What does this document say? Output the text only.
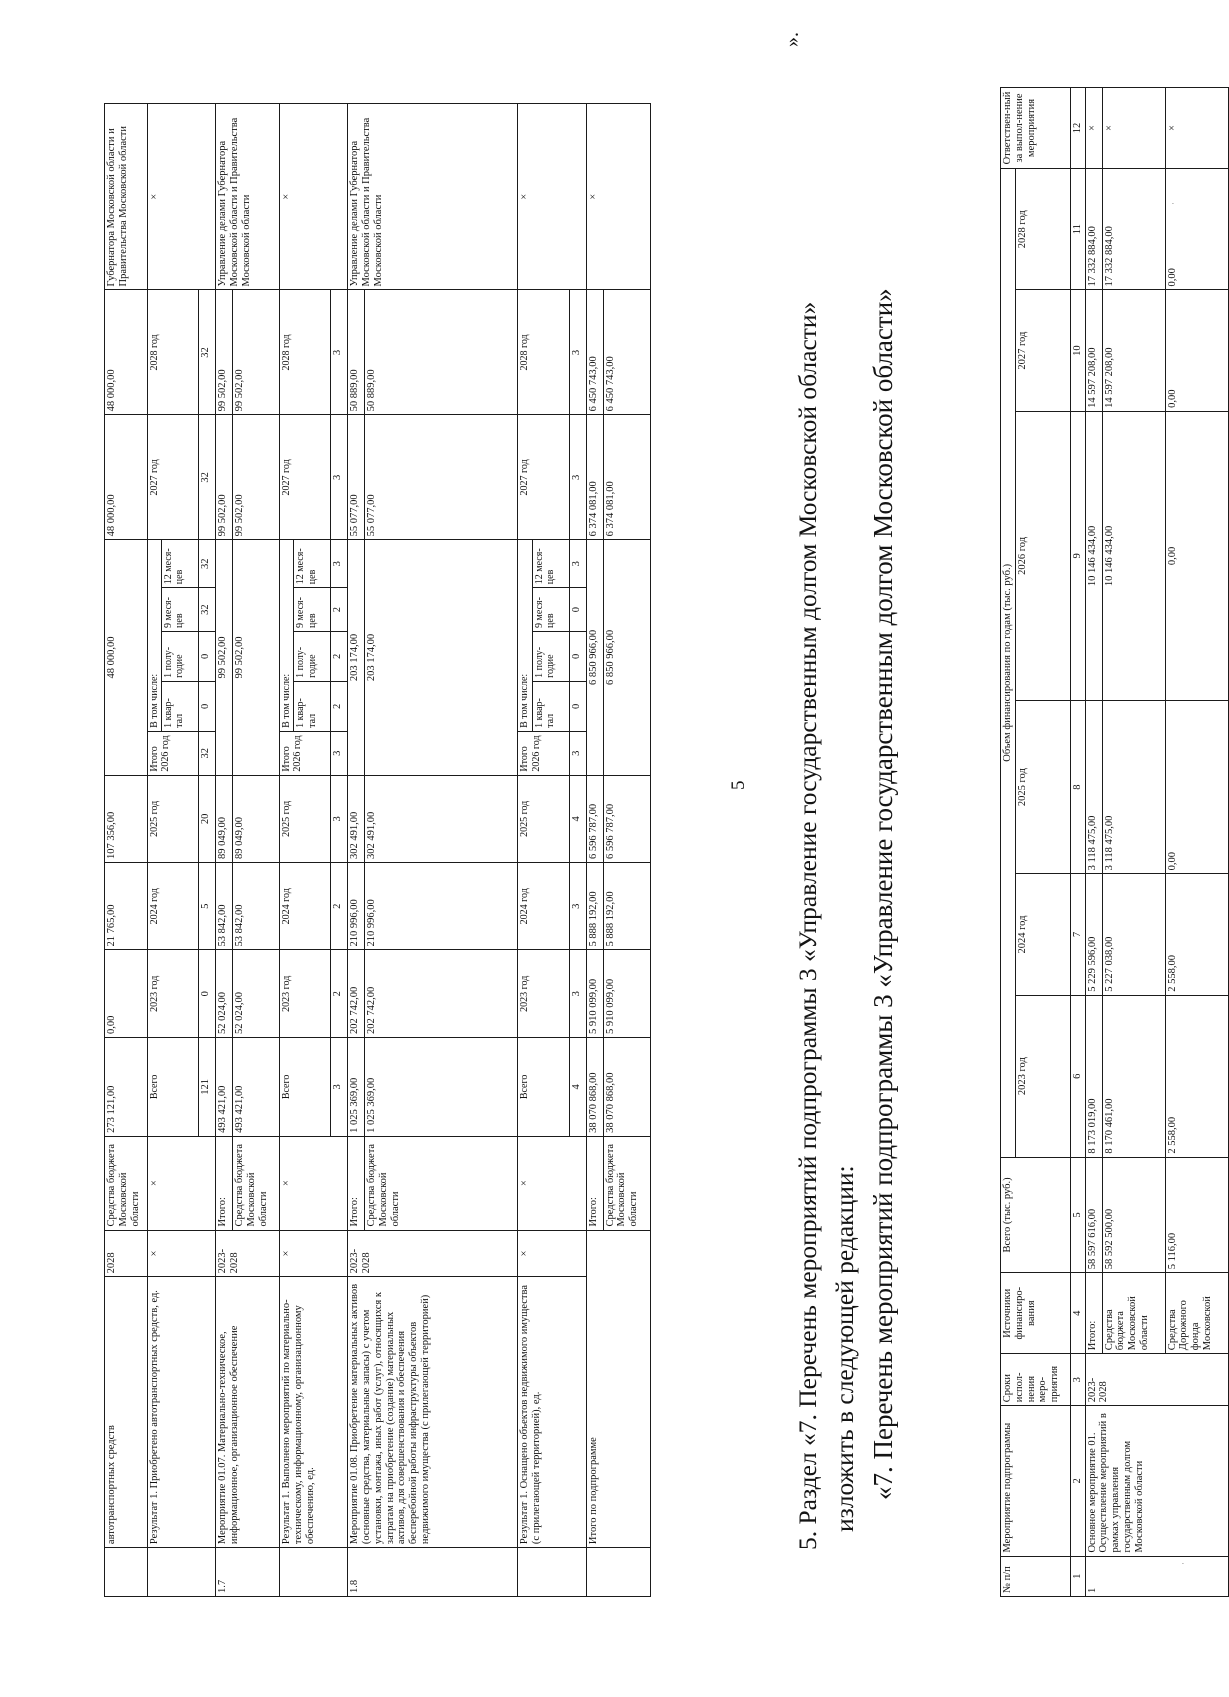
5
	автотранспортных средств	2028	Средства бюджета Московской области	273 121,00	0,00	21 765,00	107 356,00	48 000,00					48 000,00	48 000,00	Губернатора Московской области и Правительства Московской области
	Результат 1. Приобретено автотранспортных средств, ед.	×	×	Всего	2023 год	2024 год	2025 год	Итого 2026 год	В том числе:				2027 год	2028 год	×
									1 квар-тал	1 полу-годие	9 меся-цев	12 меся-цев			
				121	0	5	20	32	0	0	32	32	32	32	
1.7	Мероприятие 01.07. Материально-техническое, информационное, организационное обеспечение	2023-2028	Итого:	493 421,00	52 024,00	53 842,00	89 049,00	99 502,00					99 502,00	99 502,00	Управление делами Губернатора Московской области и Правительства Московской области
			Средства бюджета Московской области	493 421,00	52 024,00	53 842,00	89 049,00	99 502,00					99 502,00	99 502,00	
	Результат 1. Выполнено мероприятий по материально-техническому, информационному, организационному обеспечению, ед.	×	×	Всего	2023 год	2024 год	2025 год	Итого 2026 год	В том числе:				2027 год	2028 год	×
									1 квар-тал	1 полу-годие	9 меся-цев	12 меся-цев			
				3	2	2	3	3	2	2	2	3	3	3	
1.8	Мероприятие 01.08. Приобретение материальных активов (основные средства, материальные запасы) с учетом установки, монтажа, иных работ (услуг), относящихся к затратам на приобретение (создание) материальных активов, для совершенствования и обеспечения бесперебойной работы инфраструктуры объектов недвижимого имущества (с прилегающей территорией)	2023-2028	Итого:	1 025 369,00	202 742,00	210 996,00	302 491,00	203 174,00					55 077,00	50 889,00	Управление делами Губернатора Московской области и Правительства Московской области
			Средства бюджета Московской области	1 025 369,00	202 742,00	210 996,00	302 491,00	203 174,00					55 077,00	50 889,00	
	Результат 1. Оснащено объектов недвижимого имущества (с прилегающей территорией), ед.	×	×	Всего	2023 год	2024 год	2025 год	Итого 2026 год	В том числе:				2027 год	2028 год	×
									1 квар-тал	1 полу-годие	9 меся-цев	12 меся-цев			
				4	3	3	4	3	0	0	0	3	3	3	
	Итого по подпрограмме		Итого:	38 070 868,00	5 910 099,00	5 888 192,00	6 596 787,00	6 850 966,00					6 374 081,00	6 450 743,00	×
			Средства бюджета Московской области	38 070 868,00	5 910 099,00	5 888 192,00	6 596 787,00	6 850 966,00					6 374 081,00	6 450 743,00		5. Раздел «7. Перечень мероприятий подпрограммы 3 «Управление государственным долгом Московской области»
».
изложить в следующей редакции: «7. Перечень мероприятий подпрограммы 3 «Управление государственным долгом Московской области»
№ п/п	Мероприятие подпрограммы	Сроки испол-нения меро-приятия	Источники финансиро-вания	Всего (тыс. руб.)	Объем финансирования по годам (тыс. руб.)						Ответствен-ный за выпол-нение мероприятия
					2023 год	2024 год	2025 год	2026 год	2027 год	2028 год	
1	2	3	4	5	6	7	8	9	10	11	12
1	Основное мероприятие 01. Осуществление мероприятий в рамках управления государственным долгом Московской области	2023-2028	Итого:	58 597 616,00	8 173 019,00	5 229 596,00	3 118 475,00	10 146 434,00	14 597 208,00	17 332 884,00	×
			Средства бюджета Московской области	58 592 500,00	8 170 461,00	5 227 038,00	3 118 475,00	10 146 434,00	14 597 208,00	17 332 884,00	×
			Средства Дорожного фонда Московской	5 116,00	2 558,00	2 558,00	0,00	0,00	0,00	0,00	×
·
·
